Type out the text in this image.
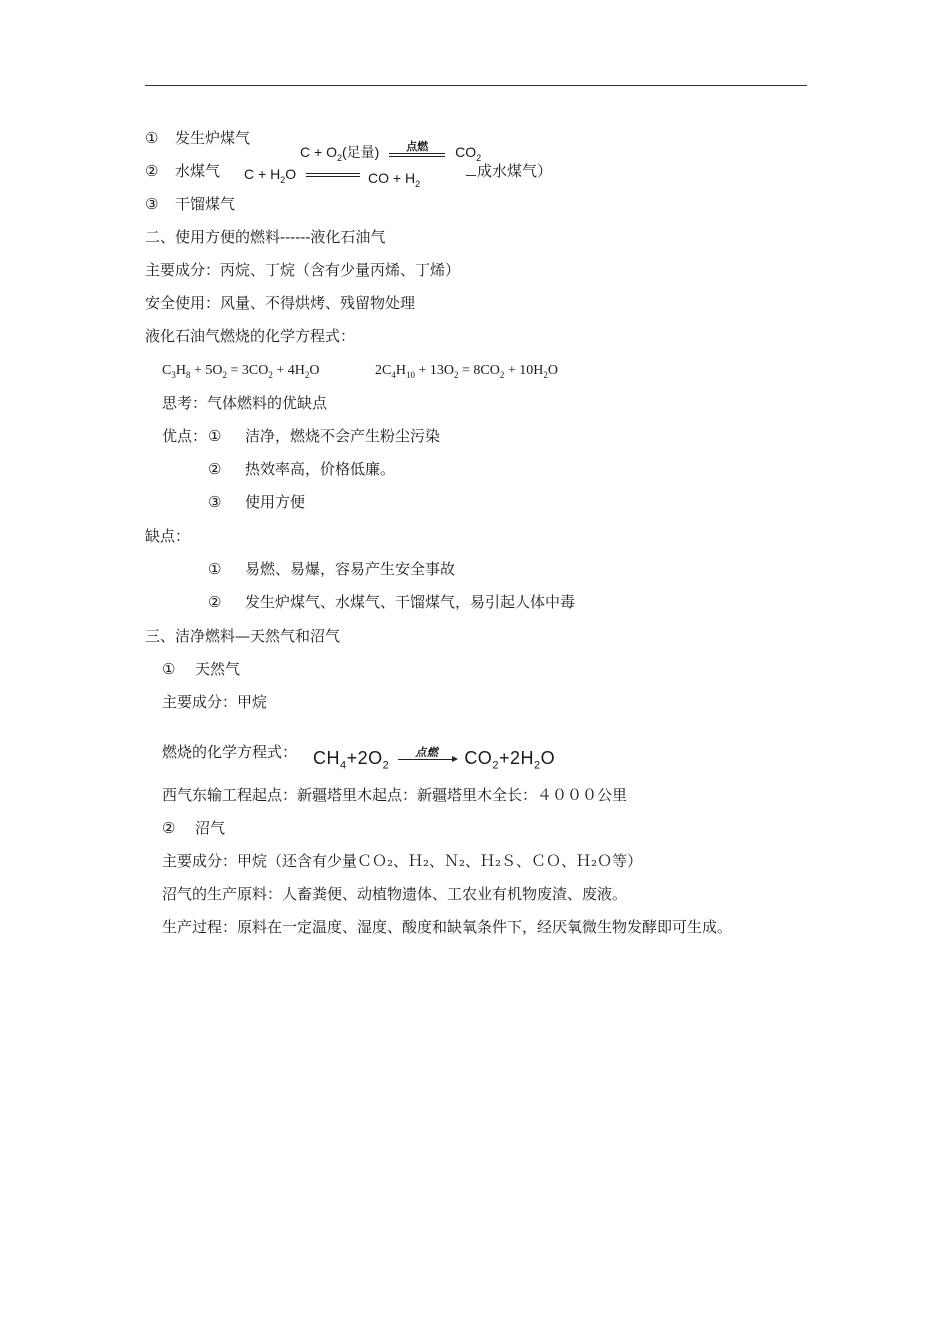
① 发生炉煤气
$C + O_2$(足量)	点燃	$CO_2$
② 水煤气 $C + H_2O$	CO + $H_2$
成水煤气）
③ 干馏煤气
二、使用方便的燃料------液化石油气
主要成分：丙烷、丁烷（含有少量丙烯、丁烯）
安全使用：风量、不得烘烤、残留物处理
液化石油气燃烧的化学方程式：
$C_3H_8 + 5O_2 = 3CO_2 + 4H_2O$	$2C_4H_{10} + 13O_2 = 8CO_2 + 10H_2O$
思考：气体燃料的优缺点
优点：① 洁净，燃烧不会产生粉尘污染
② 热效率高，价格低廉。
③ 使用方便
缺点：
① 易燃、易爆，容易产生安全事故
② 发生炉煤气、水煤气、干馏煤气，易引起人体中毒
三、洁净燃料—天然气和沼气
① 天然气
主要成分：甲烷
燃烧的化学方程式： $CH_4+2O_2$
点燃	$CO_2+2H_2O$
西气东输工程起点：新疆塔里木起点：新疆塔里木全长：４０００公里
② 沼气
主要成分：甲烷（还含有少量ＣＯ₂、Ｈ₂、Ｎ₂、Ｈ₂Ｓ、ＣＯ、Ｈ₂Ｏ等）
沼气的生产原料：人畜粪便、动植物遗体、工农业有机物废渣、废液。
生产过程：原料在一定温度、湿度、酸度和缺氧条件下，经厌氧微生物发酵即可生成。
